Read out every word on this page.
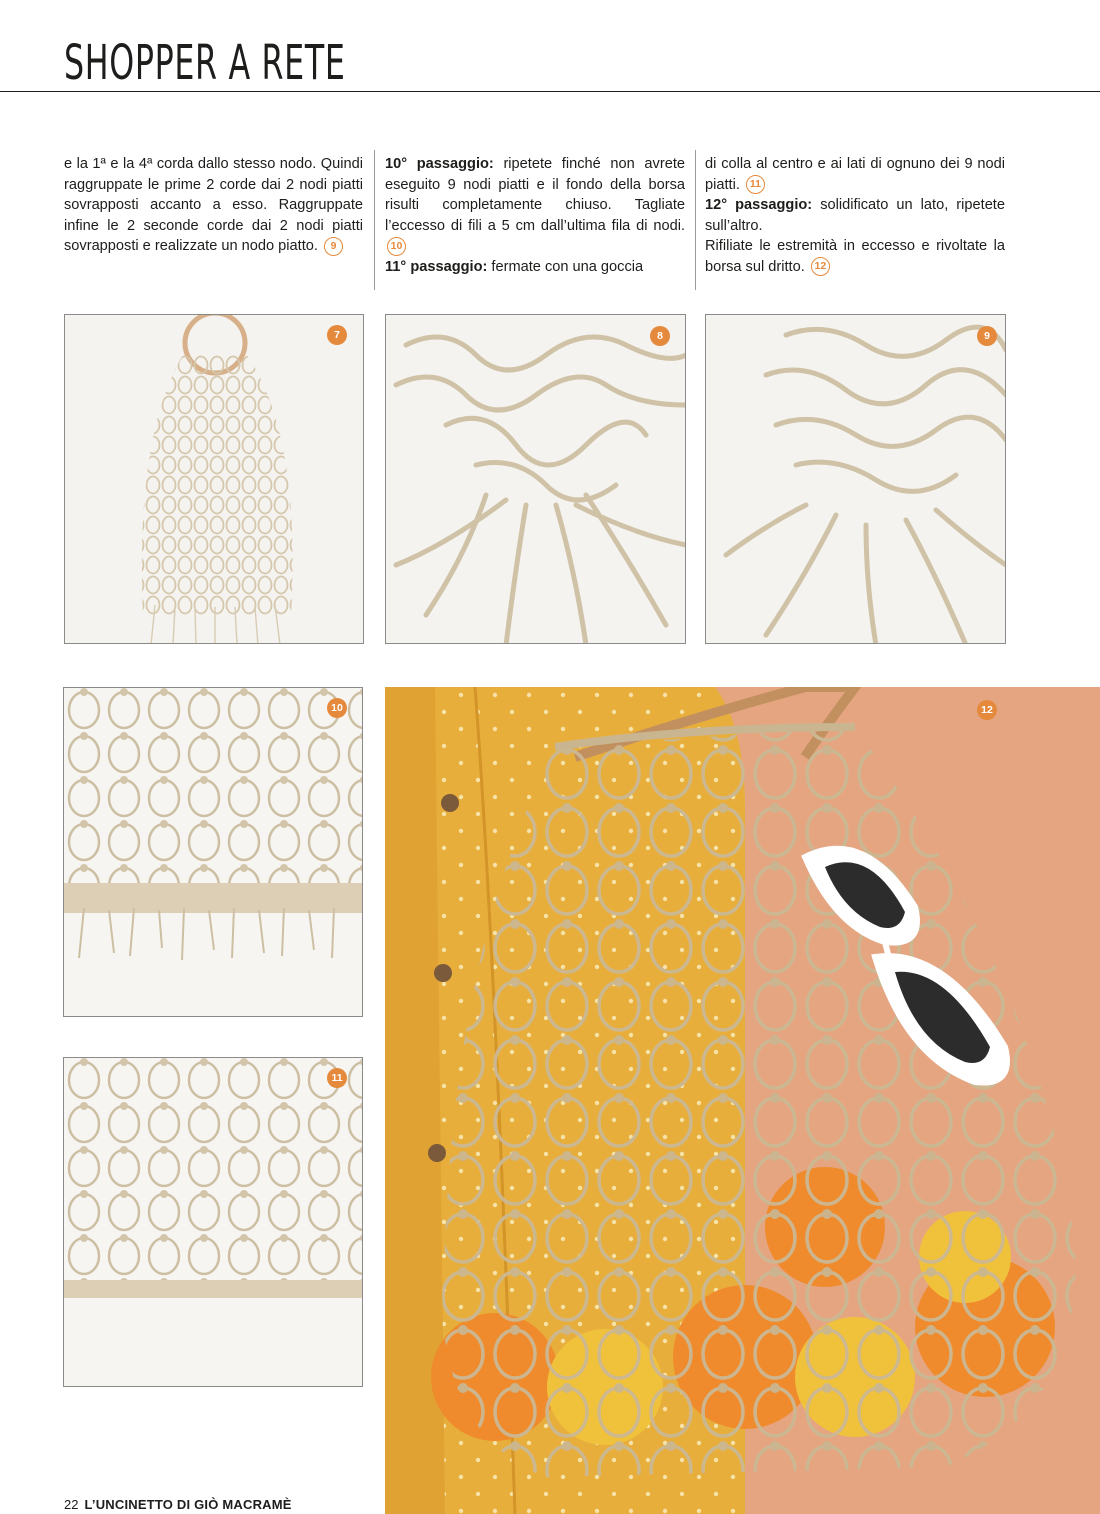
SHOPPER A RETE

e la 1ª e la 4ª corda dallo stesso nodo. Quindi raggruppate le prime 2 corde dai 2 nodi piatti sovrapposti accanto a esso. Raggruppate infine le 2 seconde corde dai 2 nodi piatti sovrapposti e realizzate un nodo piatto. 9

10° passaggio: ripetete finché non avrete eseguito 9 nodi piatti e il fondo della borsa risulti completamente chiuso. Tagliate l’eccesso di fili a 5 cm dall’ultima fila di nodi. 10

11° passaggio: fermate con una goccia

di colla al centro e ai lati di ognuno dei 9 nodi piatti. 11

12° passaggio: solidificato un lato, ripetete sull’altro.

Rifiliate le estremità in eccesso e rivoltate la borsa sul dritto. 12

7	8	9
10
11
12
22 L’UNCINETTO DI GIÒ MACRAMÈ
